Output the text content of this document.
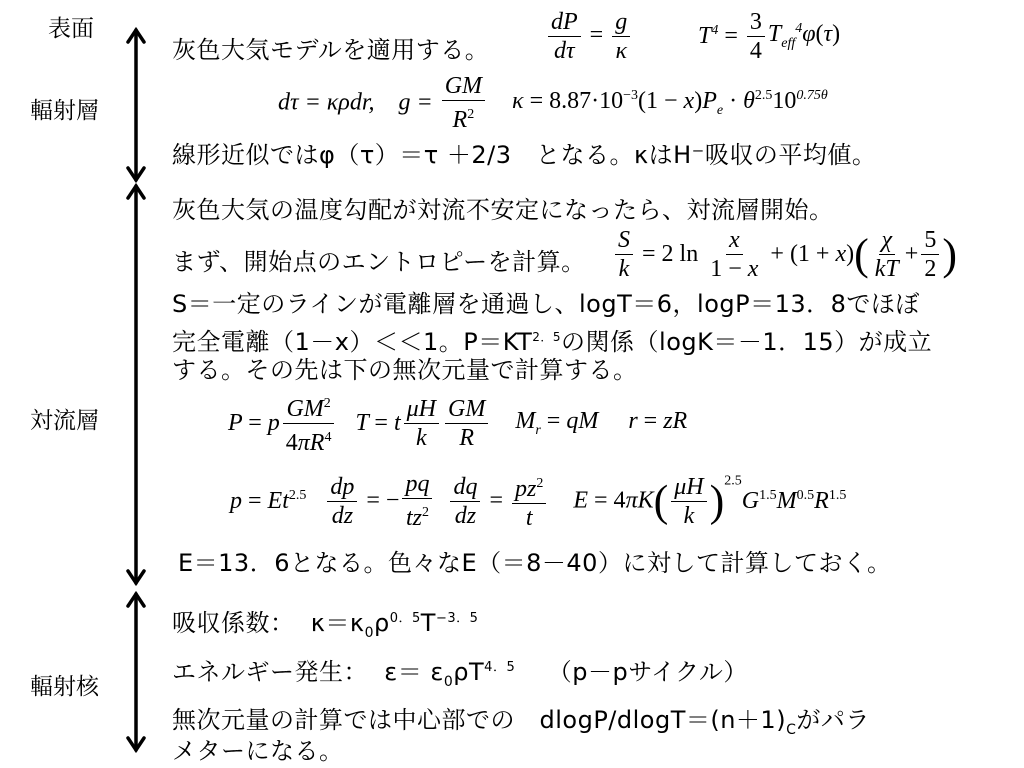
表面
輻射層
対流層
輻射核
灰色大気モデルを適用する。 $\frac{dP}{d\tau} = \frac{g}{\kappa}$	$T^4 = \frac{3}{4} T_{eff}^4\varphi(\tau)$
dτ = κρdr,    $g = \frac{GM}{R^2}$ $\kappa = 8.87\cdot 10^{-3}(1 - x)P_e \cdot \theta^{2.5}10^{0.75\theta}$
線形近似ではφ（τ）＝τ ＋2/3　となる。κはH⁻吸収の平均値。
灰色大気の温度勾配が対流不安定になったら、対流層開始。
まず、開始点のエントロピーを計算。 $\frac{S}{k} = 2$ $\ln \frac{x}{1 - x} + (1 + x)( \frac{\chi}{kT} + \frac{5}{2}$ )
S＝一定のラインが電離層を通過し、logT＝6，logP＝13．8でほぼ
完全電離（1－x）＜＜1。$P=KT^{2.5}$の関係（logK＝－1．15）が成立
する。その先は下の無次元量で計算する。
P = p $\frac{GM^2}{4\pi R^4}$ T = t $\frac{\mu H}{k} \frac{GM}{R} M_r$ = qM     r = zR
$p = Et^{2.5} \frac{dp}{dz}$ = − $\frac{pq}{tz^2}$
$\frac{dq}{dz} = \frac{pz^2}{t}$ $E = 4\pi K( \frac{\mu H}{k} )^{2.5}G^{1.5}M^{0.5}R^{1.5}$
E＝13．6となる。色々なE（＝8－40）に対して計算しておく。
吸収係数： $\kappa=\kappa_0\rho^{0.5}T^{-3.5}$
エネルギー発生： $\varepsilon= \varepsilon_0\rho T^{4.5}$ （p－pサイクル）
無次元量の計算では中心部での　dlogP/$dlogT=(n+1)_C$がパラ
メターになる。
